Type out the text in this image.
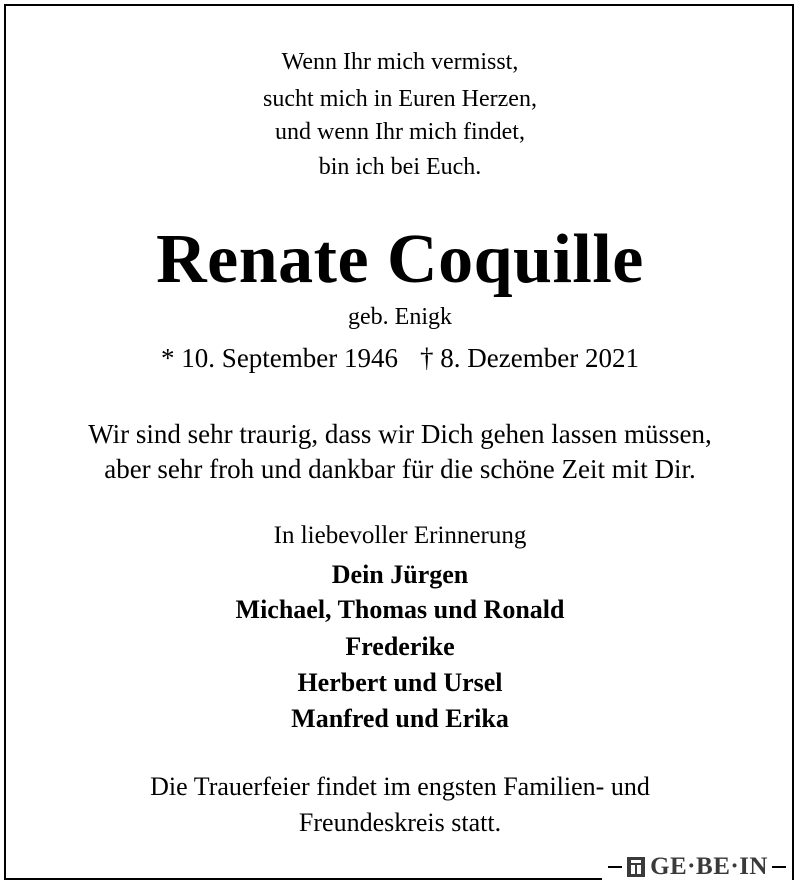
Wenn Ihr mich vermisst,
sucht mich in Euren Herzen,
und wenn Ihr mich findet,
bin ich bei Euch.
Renate Coquille
geb. Enigk
* 10. September 1946 † 8. Dezember 2021
Wir sind sehr traurig, dass wir Dich gehen lassen müssen,
aber sehr froh und dankbar für die schöne Zeit mit Dir.
In liebevoller Erinnerung
Dein Jürgen
Michael, Thomas und Ronald
Frederike
Herbert und Ursel
Manfred und Erika
Die Trauerfeier findet im engsten Familien- und
Freundeskreis statt.
GE·BE·IN
